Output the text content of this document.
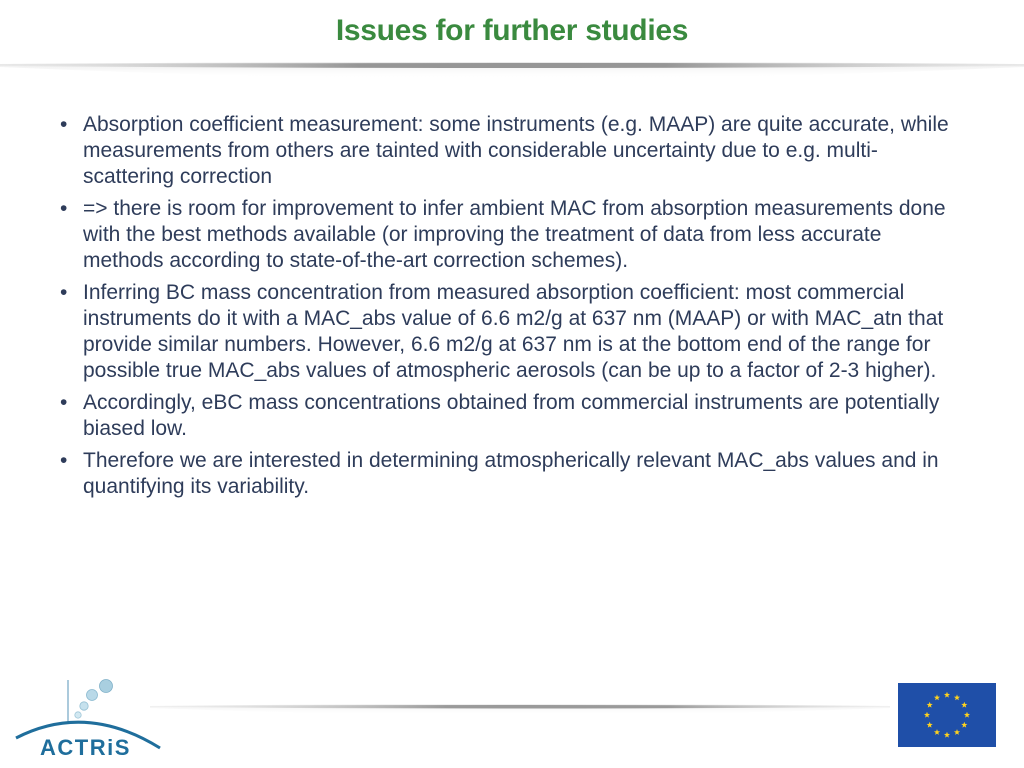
Issues for further studies
• Absorption coefficient measurement: some instruments (e.g. MAAP) are quite accurate, while measurements from others are tainted with considerable uncertainty due to e.g. multi-scattering correction
• => there is room for improvement to infer ambient MAC from absorption measurements done with the best methods available (or improving the treatment of data from less accurate methods according to state-of-the-art correction schemes).
• Inferring BC mass concentration from measured absorption coefficient: most commercial instruments do it with a MAC_abs value of 6.6 m2/g at 637 nm (MAAP) or with MAC_atn that provide similar numbers. However, 6.6 m2/g at 637 nm is at the bottom end of the range for possible true MAC_abs values of atmospheric aerosols (can be up to a factor of 2-3 higher).
• Accordingly, eBC mass concentrations obtained from commercial instruments are potentially biased low.
• Therefore we are interested in determining atmospherically relevant MAC_abs values and in quantifying its variability.
ACTRiS
